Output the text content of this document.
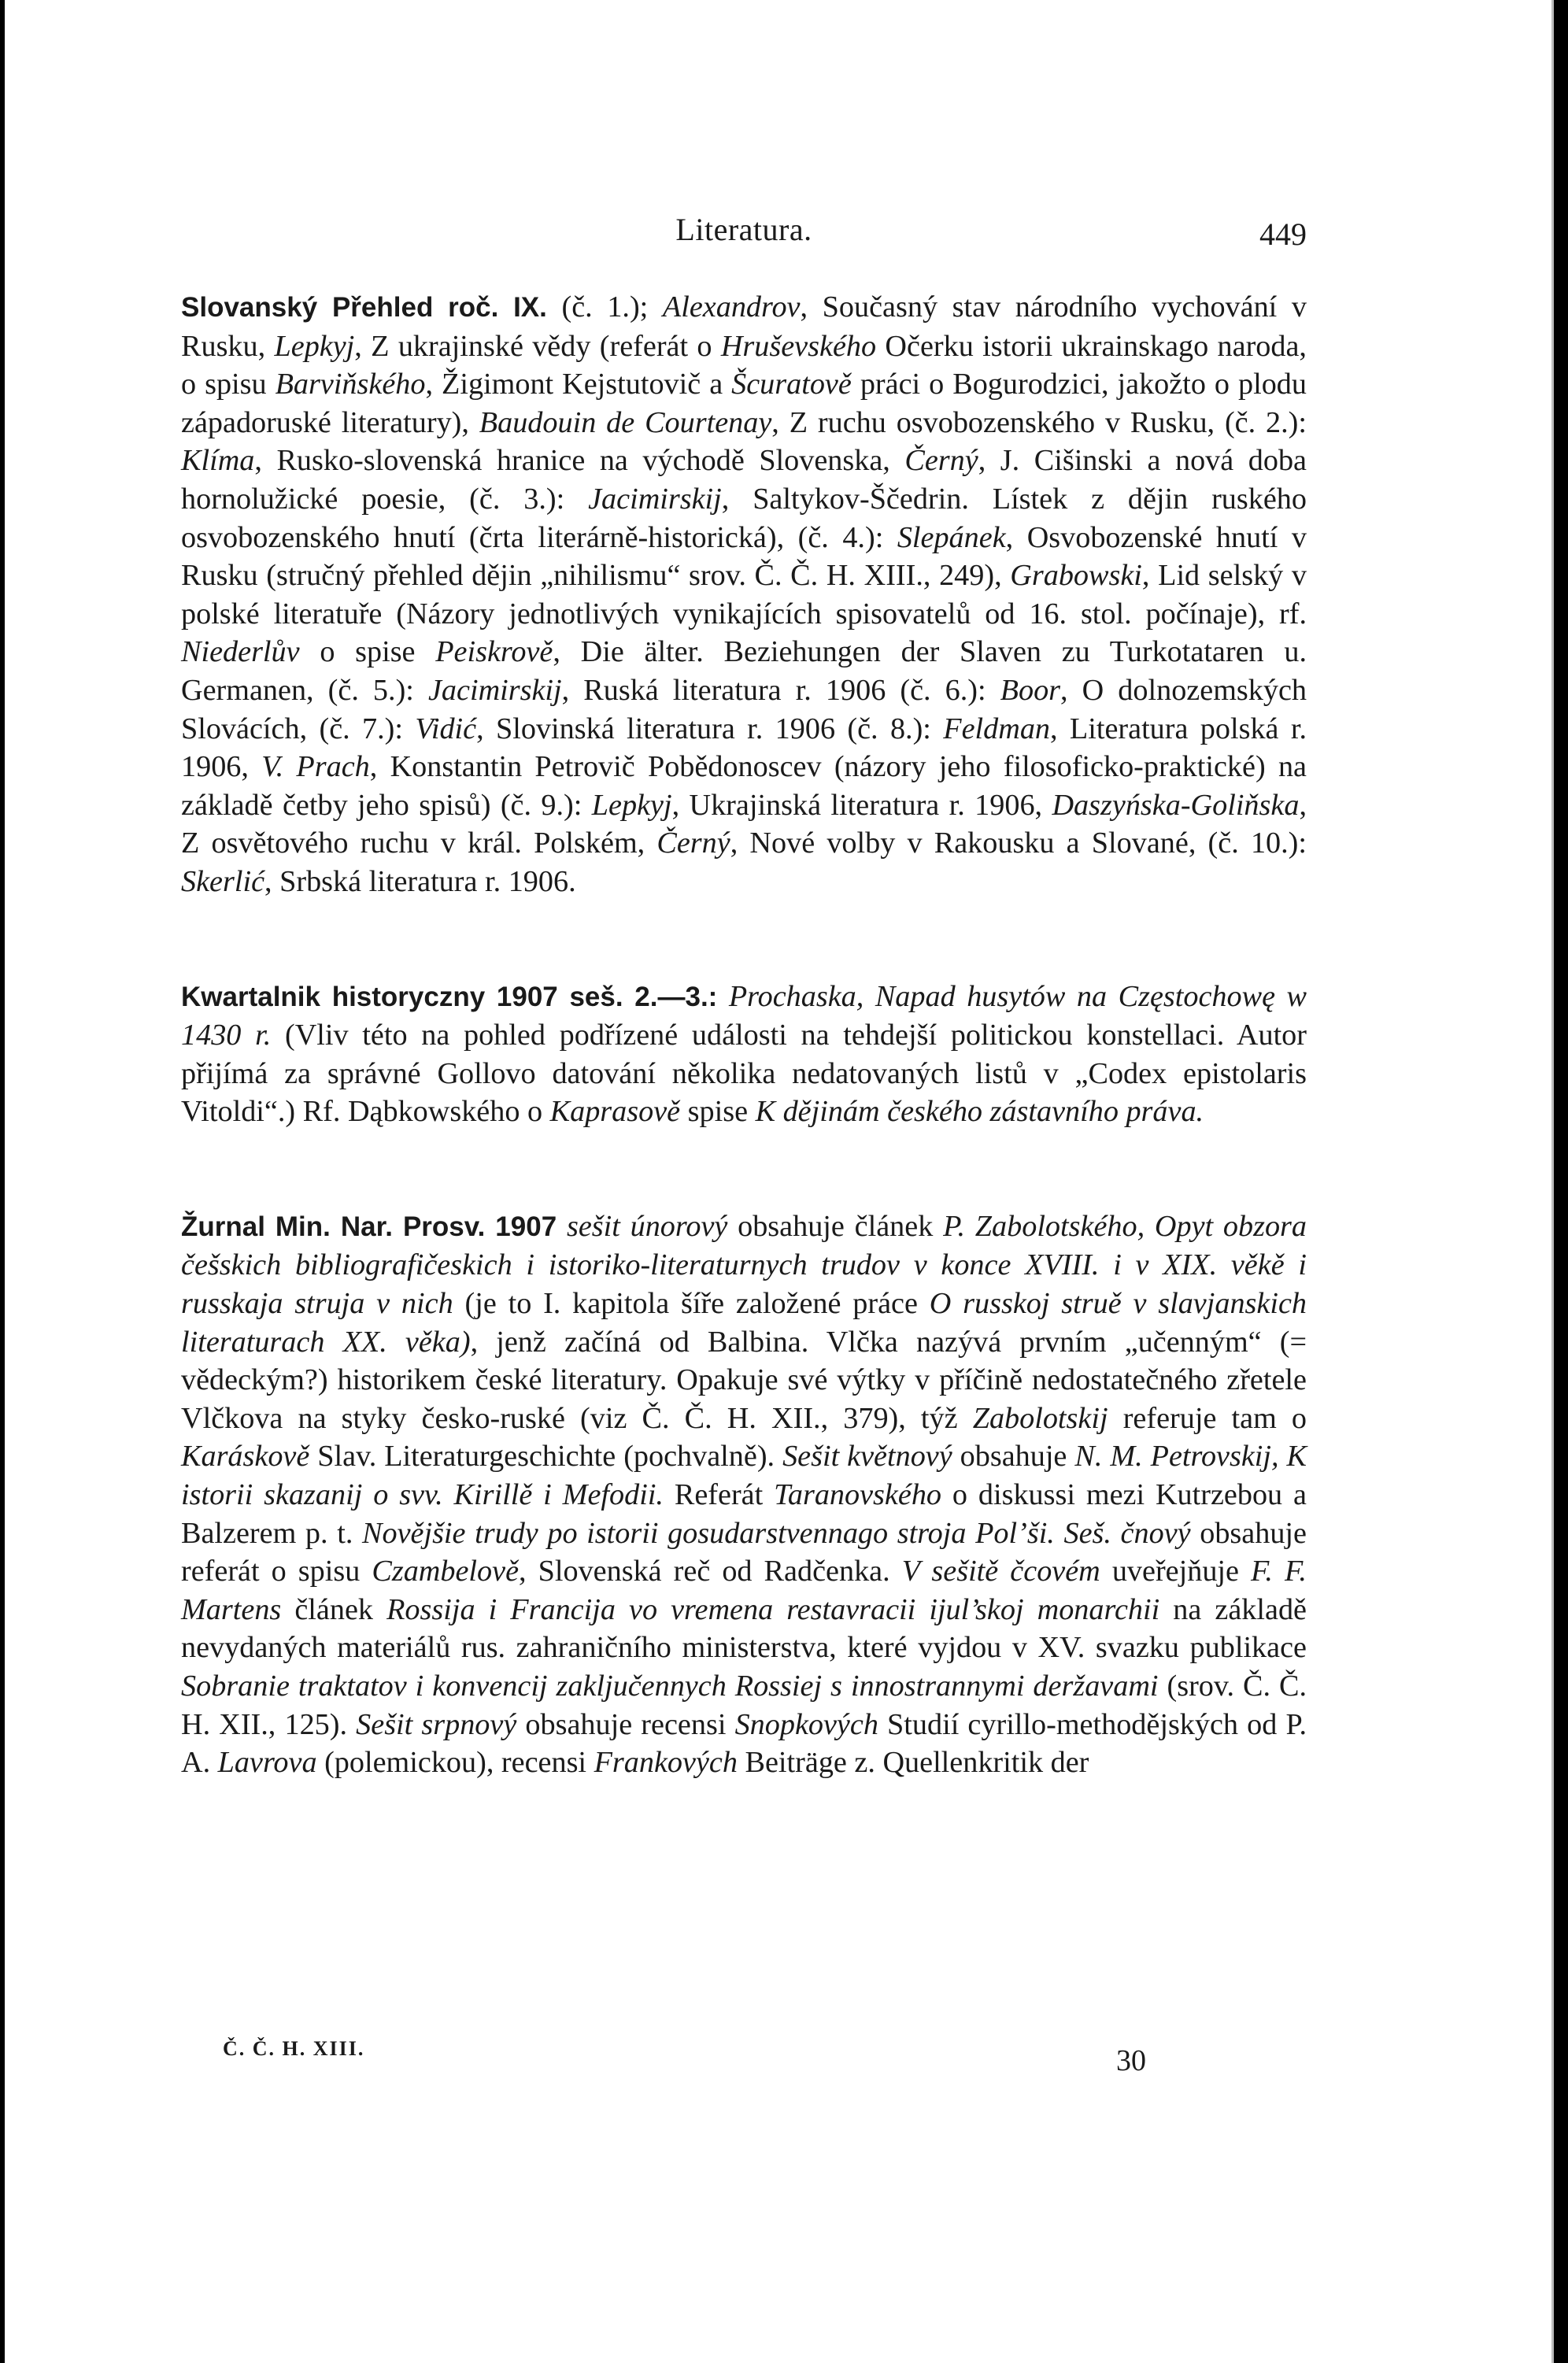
Literatura.	449

Slovanský Přehled roč. IX. (č. 1.); Alexandrov, Současný stav národního vychování v Rusku, Lepkyj, Z ukrajinské vědy (referát o Hruševského Očerku istorii ukrainskago naroda, o spisu Barviňského, Žigimont Kejstutovič a Šcuratově práci o Bogurodzici, jakožto o plodu západoruské literatury), Baudouin de Courtenay, Z ruchu osvobozenského v Rusku, (č. 2.): Klíma, Rusko-slovenská hranice na východě Slovenska, Černý, J. Cišinski a nová doba hornolužické poesie, (č. 3.): Jacimirskij, Saltykov-Ščedrin. Lístek z dějin ruského osvobozenského hnutí (črta literárně-historická), (č. 4.): Slepánek, Osvobozenské hnutí v Rusku (stručný přehled dějin „nihilismu“ srov. Č. Č. H. XIII., 249), Grabowski, Lid selský v polské literatuře (Názory jednotlivých vynikajících spisovatelů od 16. stol. počínaje), rf. Niederlův o spise Peiskrově, Die älter. Beziehungen der Slaven zu Turkotataren u. Germanen, (č. 5.): Jacimirskij, Ruská literatura r. 1906 (č. 6.): Boor, O dolnozemských Slovácích, (č. 7.): Vidić, Slovinská literatura r. 1906 (č. 8.): Feldman, Literatura polská r. 1906, V. Prach, Konstantin Petrovič Pobědonoscev (názory jeho filosoficko-praktické) na základě četby jeho spisů) (č. 9.): Lepkyj, Ukrajinská literatura r. 1906, Daszyńska-Goliňska, Z osvětového ruchu v král. Polském, Černý, Nové volby v Rakousku a Slované, (č. 10.): Skerlić, Srbská literatura r. 1906.

Kwartalnik historyczny 1907 seš. 2.—3.: Prochaska, Napad husytów na Częstochowę w 1430 r. (Vliv této na pohled podřízené události na tehdejší politickou konstellaci. Autor přijímá za správné Gollovo datování několika nedatovaných listů v „Codex epistolaris Vitoldi“.) Rf. Dąbkowského o Kaprasově spise K dějinám českého zástavního práva.

Žurnal Min. Nar. Prosv. 1907 sešit únorový obsahuje článek P. Zabolotského, Opyt obzora češskich bibliografičeskich i istoriko-literaturnych trudov v konce XVIII. i v XIX. věkě i russkaja struja v nich (je to I. kapitola šíře založené práce O russkoj struě v slavjanskich literaturach XX. věka), jenž začíná od Balbina. Vlčka nazývá prvním „učenným“ (= vědeckým?) historikem české literatury. Opakuje své výtky v příčině nedostatečného zřetele Vlčkova na styky česko-ruské (viz Č. Č. H. XII., 379), týž Zabolotskij referuje tam o Karáskově Slav. Literaturgeschichte (pochvalně). Sešit květnový obsahuje N. M. Petrovskij, K istorii skazanij o svv. Kirillě i Mefodii. Referát Taranovského o diskussi mezi Kutrzebou a Balzerem p. t. Novějšie trudy po istorii gosudarstvennago stroja Pol’ši. Seš. čnový obsahuje referát o spisu Czambelově, Slovenská reč od Radčenka. V sešitě čcovém uveřejňuje F. F. Martens článek Rossija i Francija vo vremena restavracii ijul’skoj monarchii na základě nevydaných materiálů rus. zahraničního ministerstva, které vyjdou v XV. svazku publikace Sobranie traktatov i konvencij zaključennych Rossiej s innostrannymi deržavami (srov. Č. Č. H. XII., 125). Sešit srpnový obsahuje recensi Snopkových Studií cyrillo-methodějských od P. A. Lavrova (polemickou), recensi Frankových Beiträge z. Quellenkritik der

Č. Č. H. XIII.	30
